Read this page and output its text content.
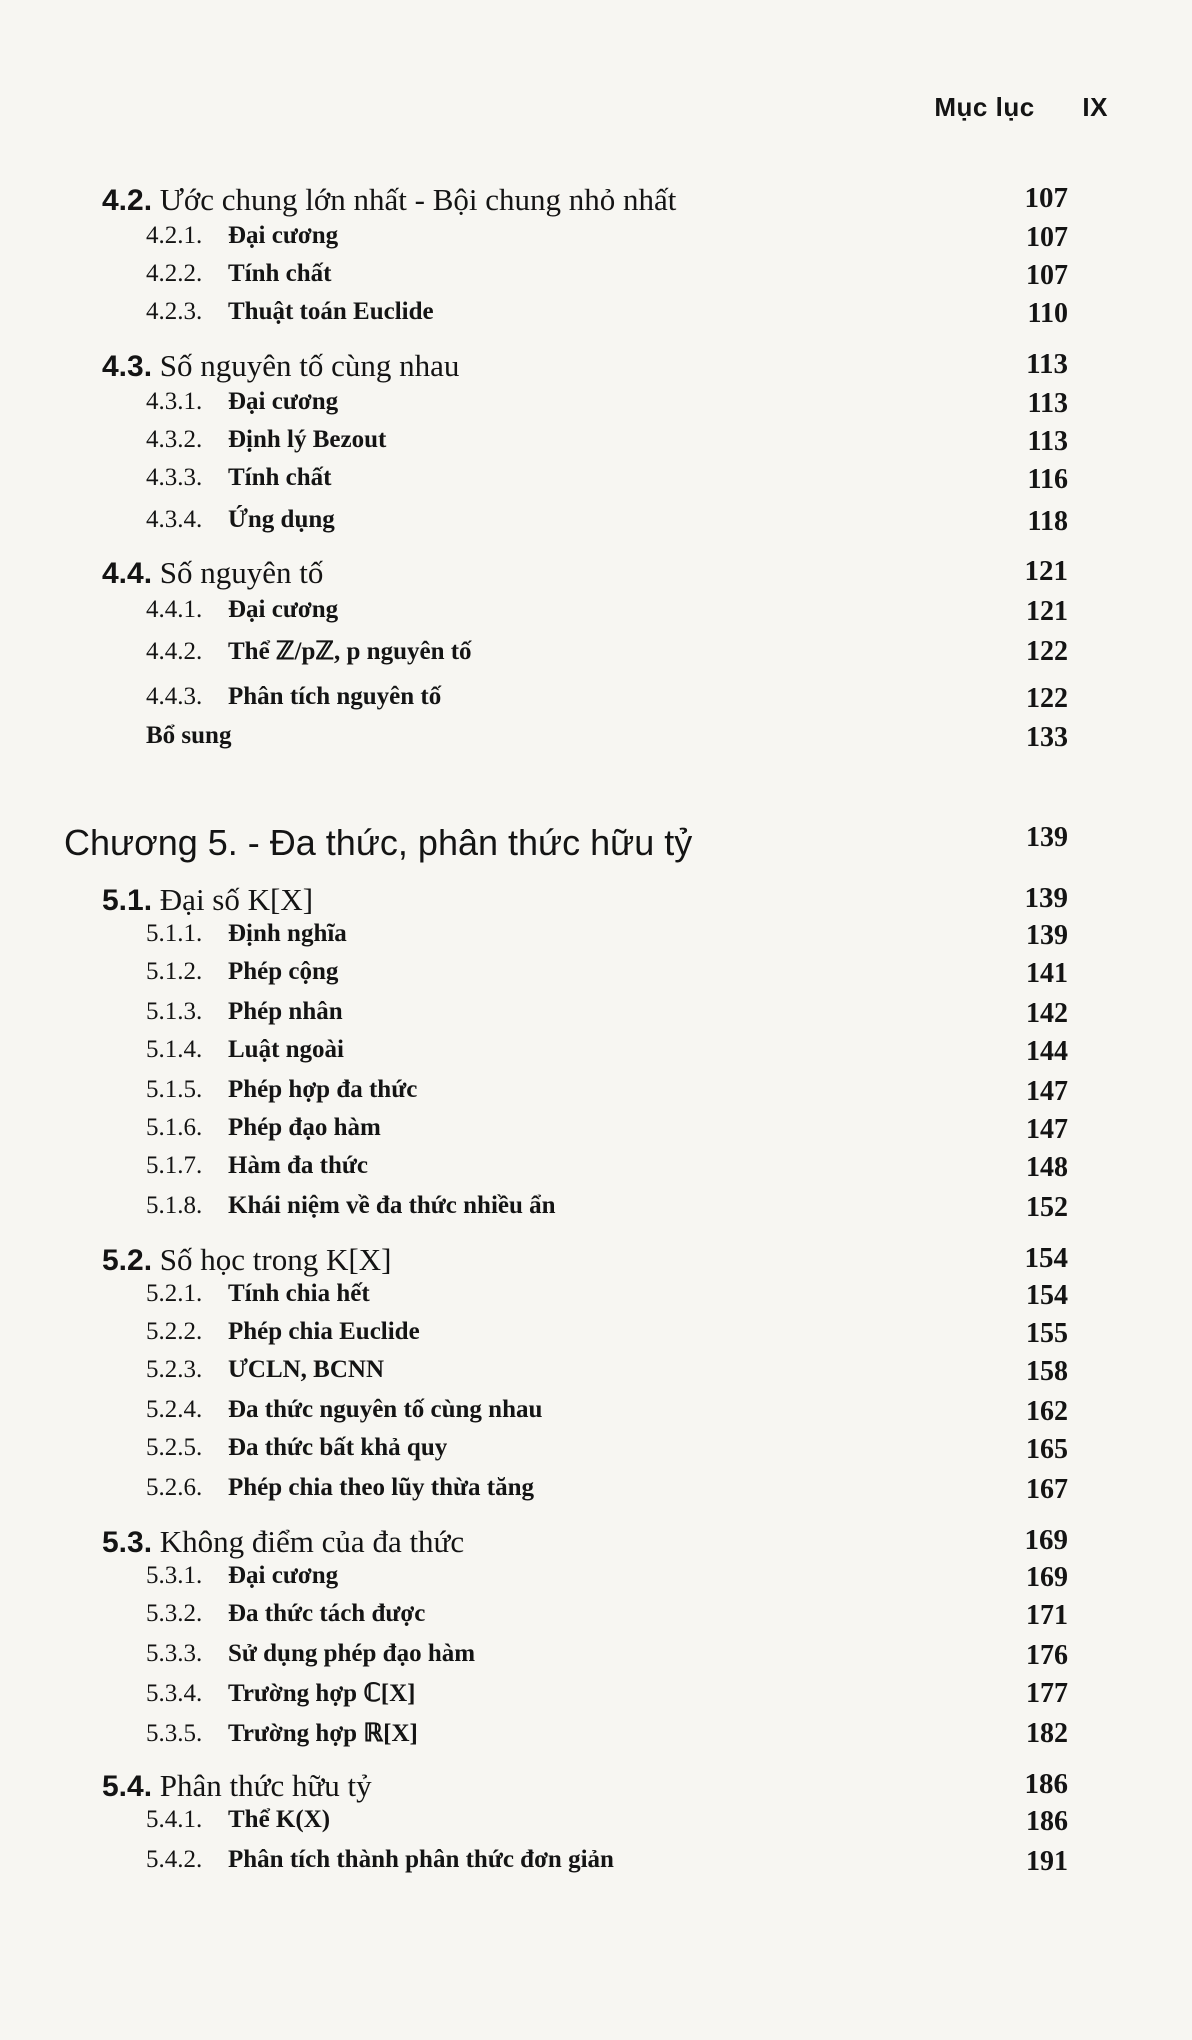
Mục lục IX
4.2. Ước chung lớn nhất - Bội chung nhỏ nhất	107
4.2.1. Đại cương	107
4.2.2. Tính chất	107
4.2.3. Thuật toán Euclide	110
4.3. Số nguyên tố cùng nhau	113
4.3.1. Đại cương	113
4.3.2. Định lý Bezout	113
4.3.3. Tính chất	116
4.3.4. Ứng dụng	118
4.4. Số nguyên tố	121
4.4.1. Đại cương	121
4.4.2. Thể ℤ/pℤ, p nguyên tố	122
4.4.3. Phân tích nguyên tố	122
Bổ sung	133
Chương 5. - Đa thức, phân thức hữu tỷ	139
5.1. Đại số K[X]	139
5.1.1. Định nghĩa	139
5.1.2. Phép cộng	141
5.1.3. Phép nhân	142
5.1.4. Luật ngoài	144
5.1.5. Phép hợp đa thức	147
5.1.6. Phép đạo hàm	147
5.1.7. Hàm đa thức	148
5.1.8. Khái niệm về đa thức nhiều ẩn	152
5.2. Số học trong K[X]	154
5.2.1. Tính chia hết	154
5.2.2. Phép chia Euclide	155
5.2.3. ƯCLN, BCNN	158
5.2.4. Đa thức nguyên tố cùng nhau	162
5.2.5. Đa thức bất khả quy	165
5.2.6. Phép chia theo lũy thừa tăng	167
5.3. Không điểm của đa thức	169
5.3.1. Đại cương	169
5.3.2. Đa thức tách được	171
5.3.3. Sử dụng phép đạo hàm	176
5.3.4. Trường hợp ℂ[X]	177
5.3.5. Trường hợp ℝ[X]	182
5.4. Phân thức hữu tỷ	186
5.4.1. Thể K(X)	186
5.4.2. Phân tích thành phân thức đơn giản	191
